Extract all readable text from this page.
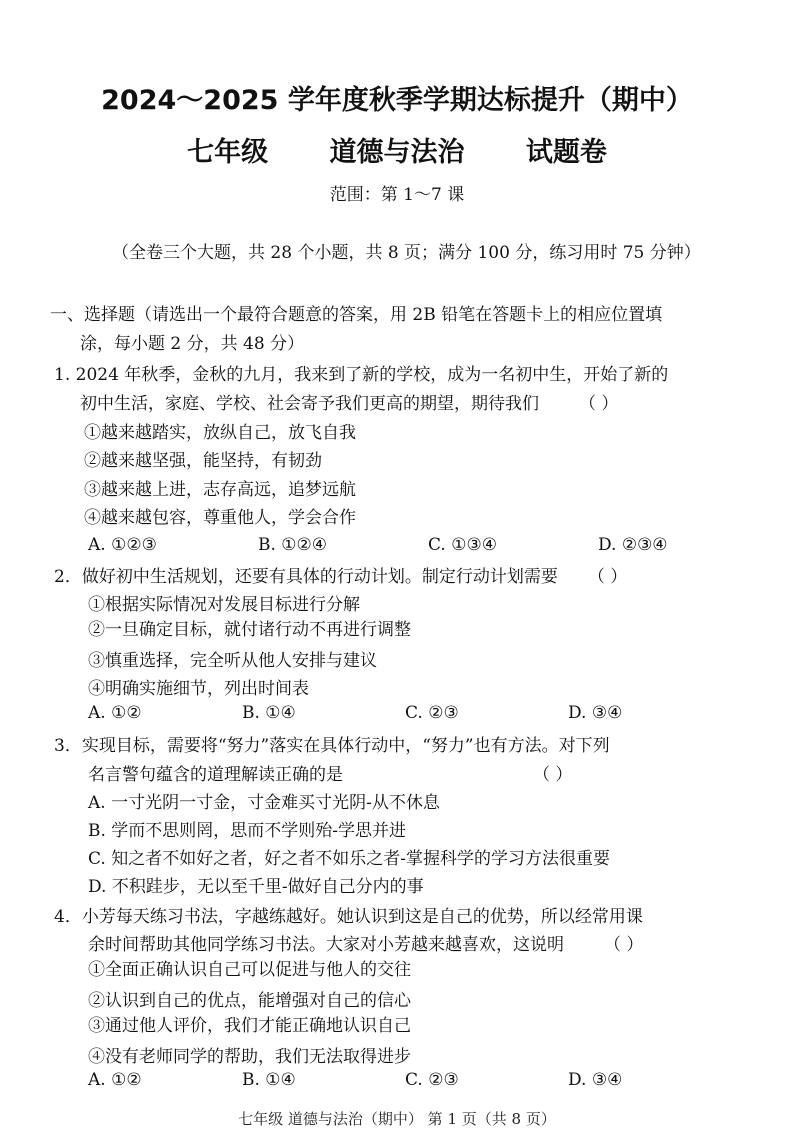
2024～2025 学年度秋季学期达标提升（期中）
七年级 道德与法治 试题卷
范围：第 1～7 课
（全卷三个大题，共 28 个小题，共 8 页；满分 100 分，练习用时 75 分钟）
一、选择题（请选出一个最符合题意的答案，用 2B 铅笔在答题卡上的相应位置填
涂，每小题 2 分，共 48 分）
1. 2024 年秋季，金秋的九月，我来到了新的学校，成为一名初中生，开始了新的
初中生活，家庭、学校、社会寄予我们更高的期望，期待我们 （ ）
①越来越踏实，放纵自己，放飞自我
②越来越坚强，能坚持，有韧劲
③越来越上进，志存高远，追梦远航
④越来越包容，尊重他人，学会合作
A. ①②③	B. ①②④	C. ①③④	D. ②③④
2．做好初中生活规划，还要有具体的行动计划。制定行动计划需要 （ ）
①根据实际情况对发展目标进行分解
②一旦确定目标，就付诸行动不再进行调整
③慎重选择，完全听从他人安排与建议
④明确实施细节，列出时间表
A. ①②	B. ①④	C. ②③	D. ③④
3．实现目标，需要将“努力”落实在具体行动中，“努力”也有方法。对下列
名言警句蕴含的道理解读正确的是	（ ）
A. 一寸光阴一寸金，寸金难买寸光阴-从不休息
B. 学而不思则罔，思而不学则殆-学思并进
C. 知之者不如好之者，好之者不如乐之者-掌握科学的学习方法很重要
D. 不积跬步，无以至千里-做好自己分内的事
4．小芳每天练习书法，字越练越好。她认识到这是自己的优势，所以经常用课
余时间帮助其他同学练习书法。大家对小芳越来越喜欢，这说明 （ ）
①全面正确认识自己可以促进与他人的交往
②认识到自己的优点，能增强对自己的信心
③通过他人评价，我们才能正确地认识自己
④没有老师同学的帮助，我们无法取得进步
A. ①②	B. ①④	C. ②③	D. ③④
七年级 道德与法治（期中） 第 1 页（共 8 页）
